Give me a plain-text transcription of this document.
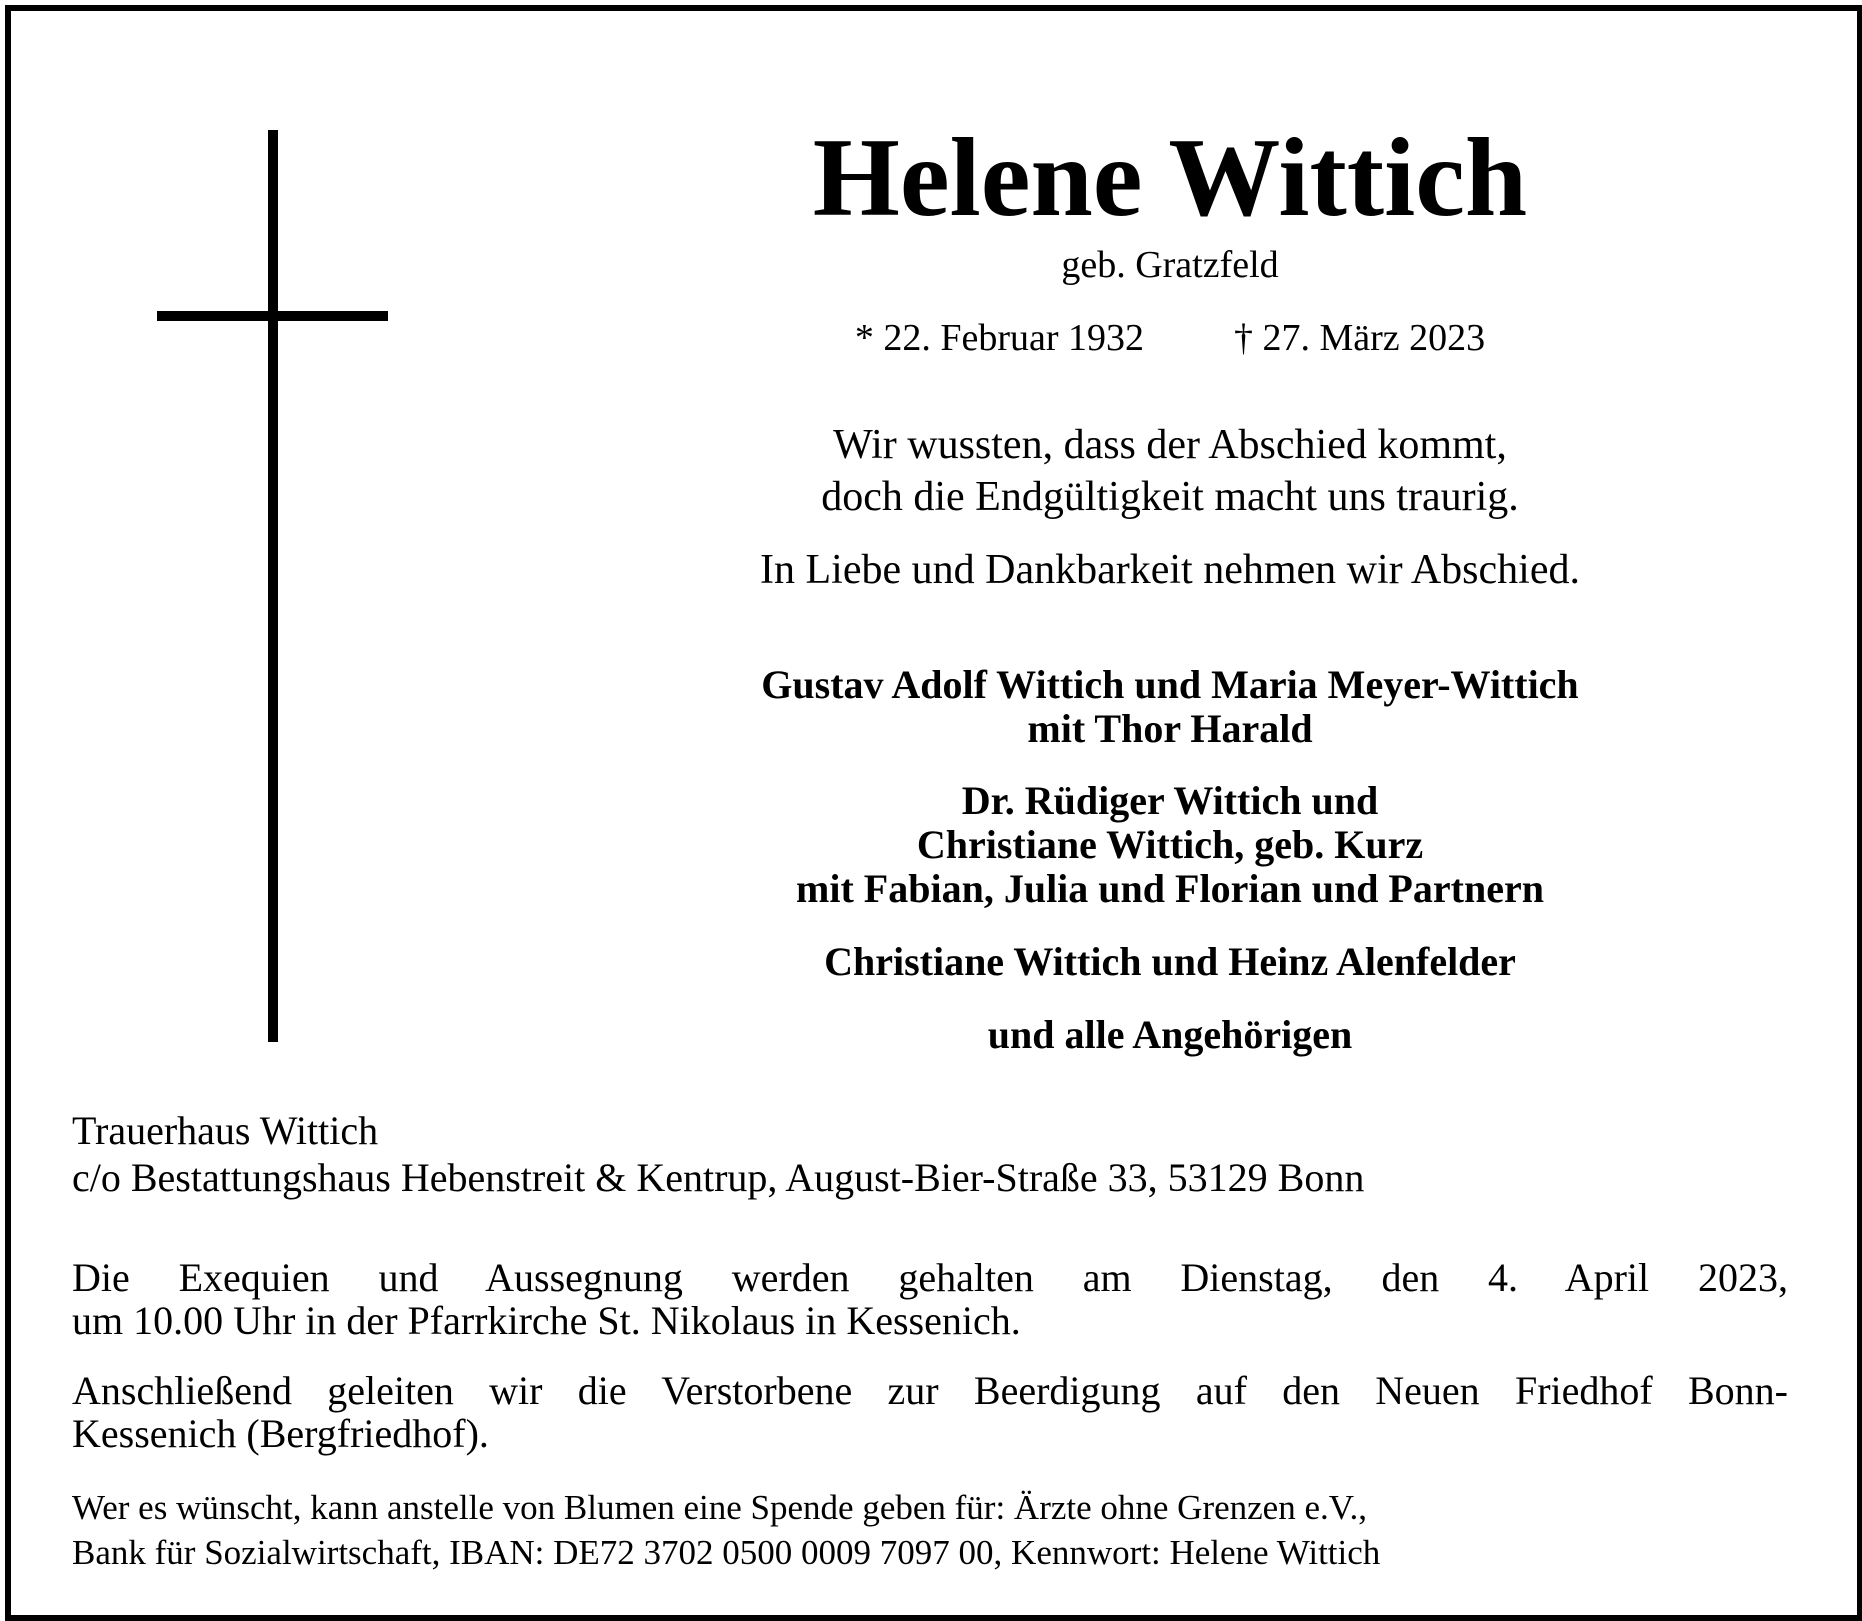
Helene Wittich
geb. Gratzfeld
* 22. Februar 1932 † 27. März 2023
Wir wussten, dass der Abschied kommt,
doch die Endgültigkeit macht uns traurig.
In Liebe und Dankbarkeit nehmen wir Abschied.
Gustav Adolf Wittich und Maria Meyer-Wittich
mit Thor Harald
Dr. Rüdiger Wittich und
Christiane Wittich, geb. Kurz
mit Fabian, Julia und Florian und Partnern
Christiane Wittich und Heinz Alenfelder
und alle Angehörigen
Trauerhaus Wittich
c/o Bestattungshaus Hebenstreit & Kentrup, August-Bier-Straße 33, 53129 Bonn
Die Exequien und Aussegnung werden gehalten am Dienstag, den 4. April 2023,
um 10.00 Uhr in der Pfarrkirche St. Nikolaus in Kessenich.
Anschließend geleiten wir die Verstorbene zur Beerdigung auf den Neuen Friedhof Bonn-
Kessenich (Bergfriedhof).
Wer es wünscht, kann anstelle von Blumen eine Spende geben für: Ärzte ohne Grenzen e.V.,
Bank für Sozialwirtschaft, IBAN: DE72 3702 0500 0009 7097 00, Kennwort: Helene Wittich
